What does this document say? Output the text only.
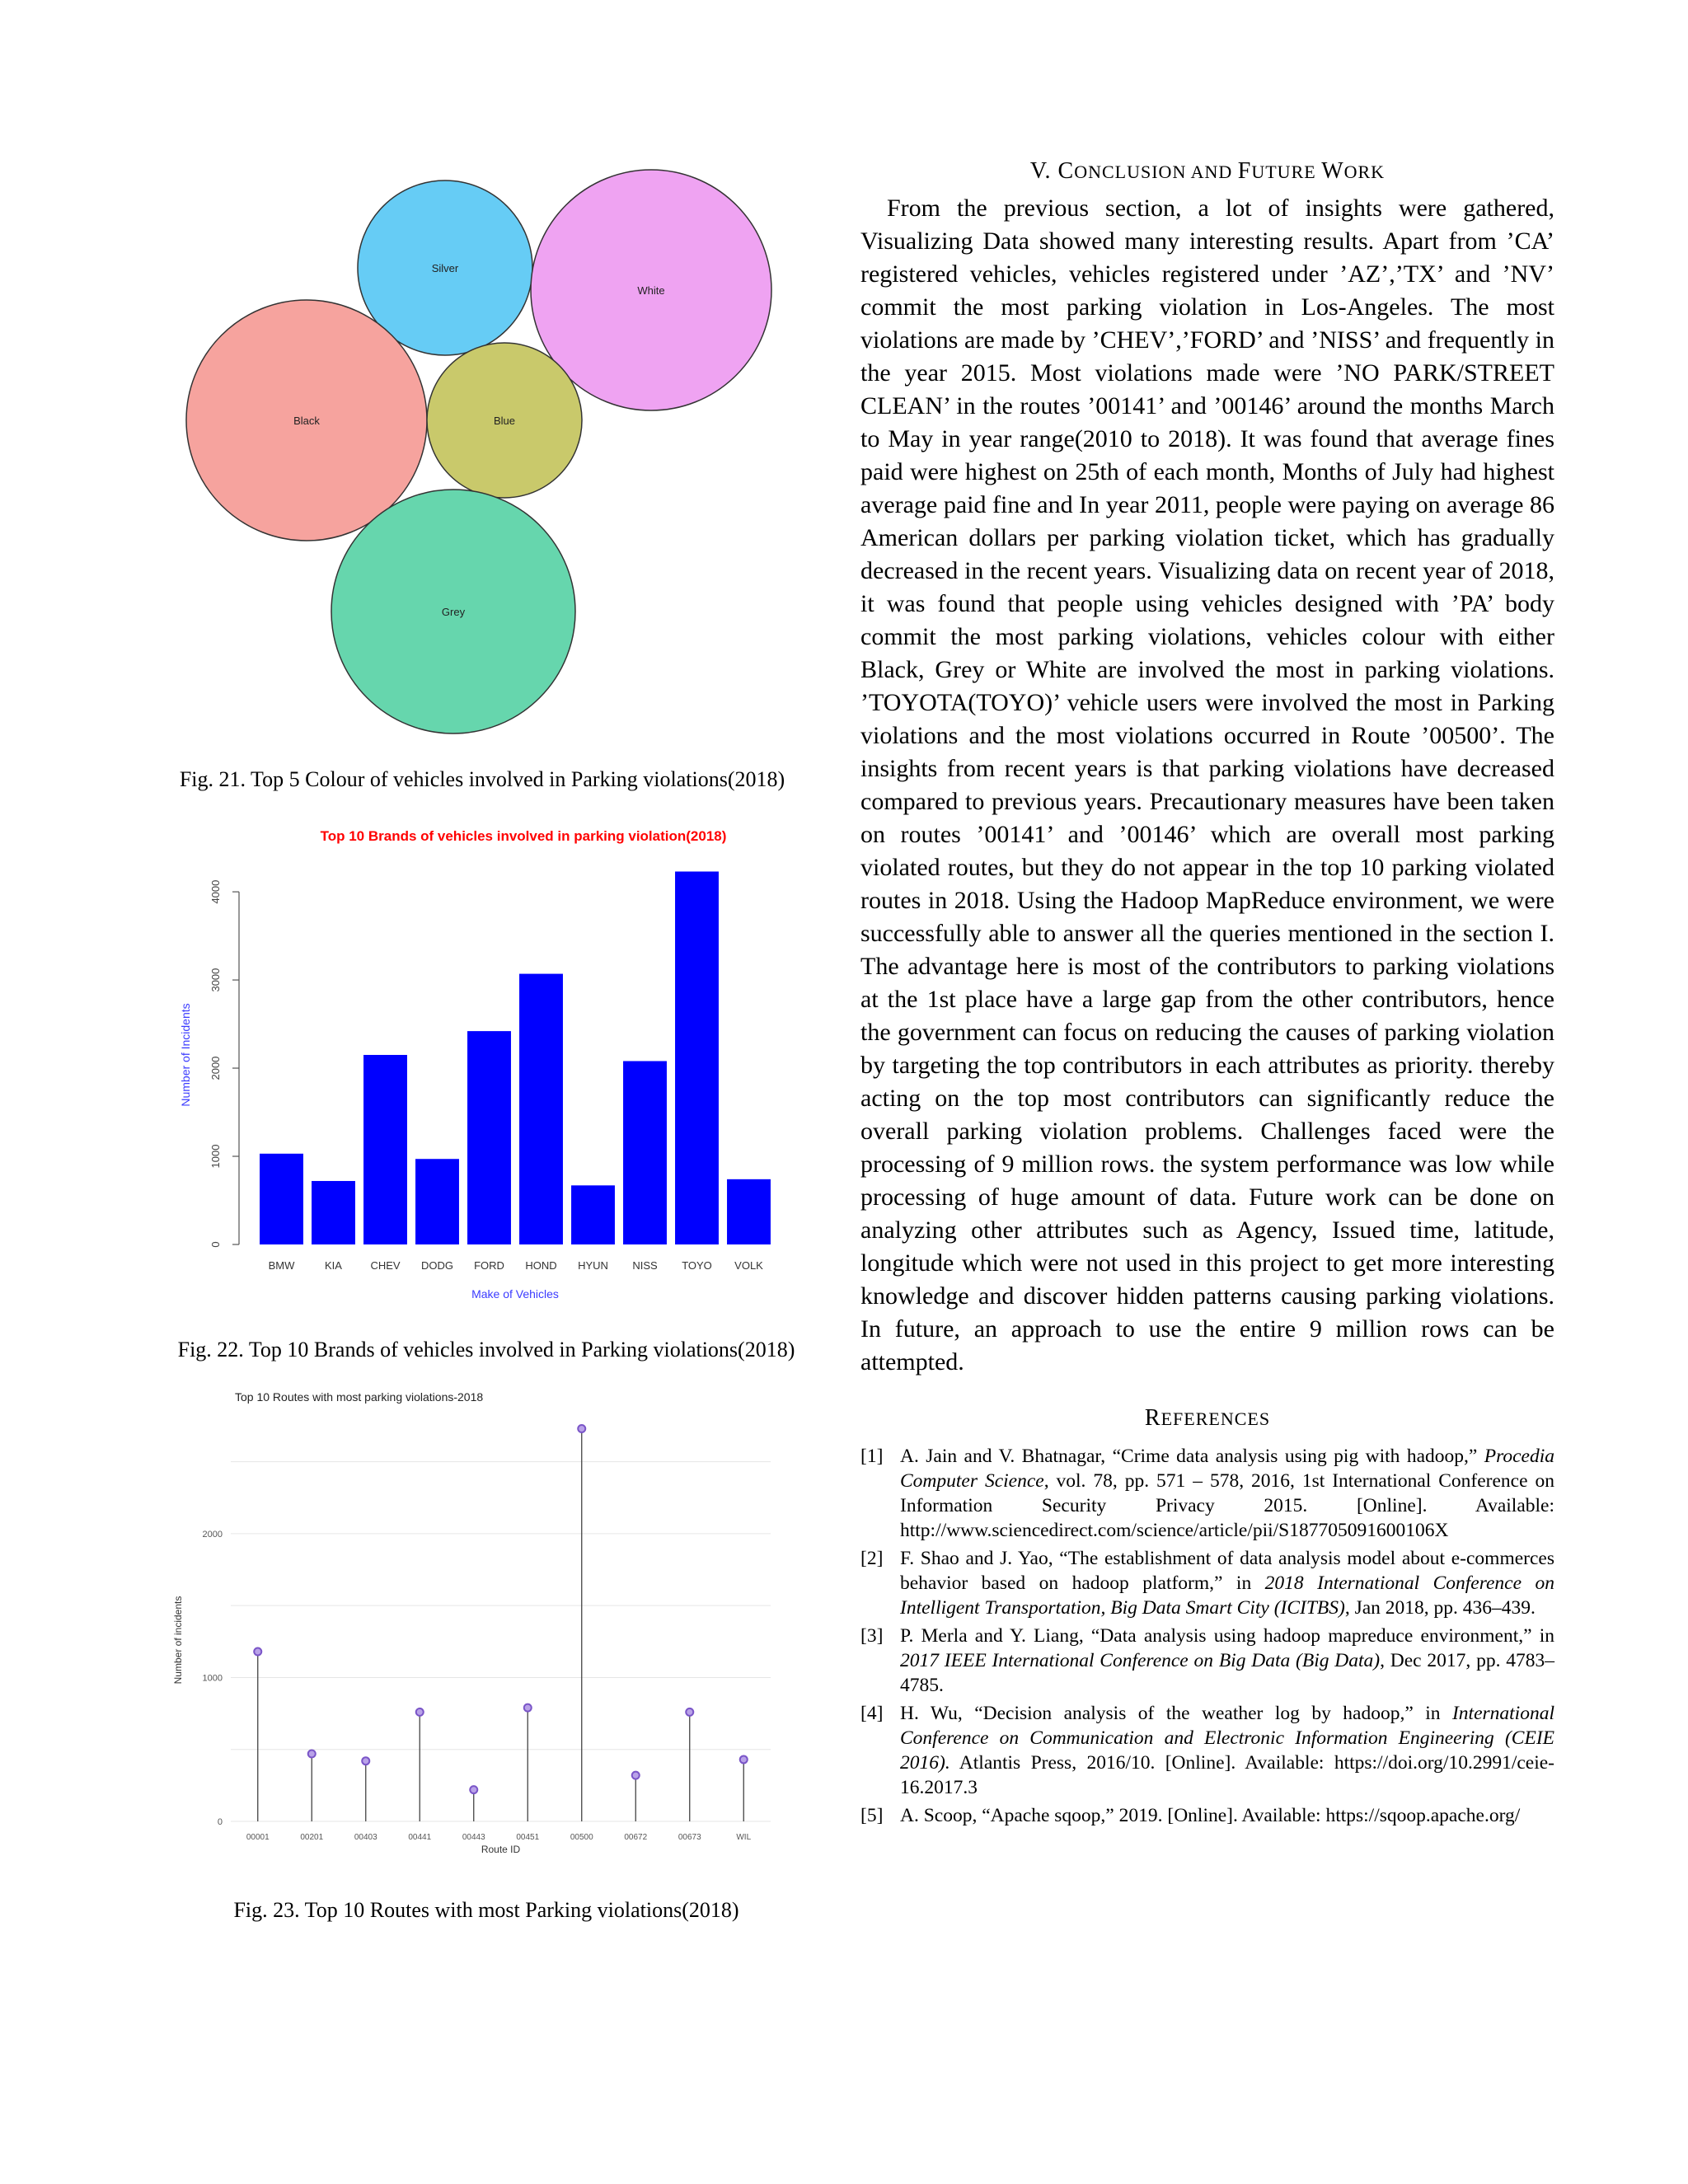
Silver
White
Black	Blue
Grey
Fig. 21. Top 5 Colour of vehicles involved in Parking violations(2018)
Top 10 Brands of vehicles involved in parking violation(2018)
0
1000
2000
3000
4000
Number of Incidents
BMW	KIA	CHEV DODG FORD HOND HYUN NISS TOYO VOLK
Make of Vehicles
Fig. 22. Top 10 Brands of vehicles involved in Parking violations(2018)
Top 10 Routes with most parking violations-2018
0
1000
2000
Number of incidents
00001	00201	00403	00441	00443	00451	00500	00672	00673	WIL
Route ID
Fig. 23. Top 10 Routes with most Parking violations(2018)
V. CONCLUSION AND FUTURE WORK

From the previous section, a lot of insights were gathered, Visualizing Data showed many interesting results. Apart from ’CA’ registered vehicles, vehicles registered under ’AZ’,’TX’ and ’NV’ commit the most parking violation in Los-Angeles. The most violations are made by ’CHEV’,’FORD’ and ’NISS’ and frequently in the year 2015. Most violations made were ’NO PARK/STREET CLEAN’ in the routes ’00141’ and ’00146’ around the months March to May in year range(2010 to 2018). It was found that average fines paid were highest on 25th of each month, Months of July had highest average paid fine and In year 2011, people were paying on average 86 American dollars per parking violation ticket, which has gradually decreased in the recent years. Visualizing data on recent year of 2018, it was found that people using vehicles designed with ’PA’ body commit the most parking violations, vehicles colour with either Black, Grey or White are involved the most in parking violations. ’TOYOTA(TOYO)’ vehicle users were involved the most in Parking violations and the most violations occurred in Route ’00500’. The insights from recent years is that parking violations have decreased compared to previous years. Precautionary measures have been taken on routes ’00141’ and ’00146’ which are overall most parking violated routes, but they do not appear in the top 10 parking violated routes in 2018. Using the Hadoop MapReduce environment, we were successfully able to answer all the queries mentioned in the section I. The advantage here is most of the contributors to parking violations at the 1st place have a large gap from the other contributors, hence the government can focus on reducing the causes of parking violation by targeting the top contributors in each attributes as priority. thereby acting on the top most contributors can significantly reduce the overall parking violation problems. Challenges faced were the processing of 9 million rows. the system performance was low while processing of huge amount of data. Future work can be done on analyzing other attributes such as Agency, Issued time, latitude, longitude which were not used in this project to get more interesting knowledge and discover hidden patterns causing parking violations. In future, an approach to use the entire 9 million rows can be attempted.

REFERENCES
[1] A. Jain and V. Bhatnagar, “Crime data analysis using pig with hadoop,” Procedia Computer Science, vol. 78, pp. 571 – 578, 2016, 1st International Conference on Information Security Privacy 2015. [Online]. Available: http://www.sciencedirect.com/science/article/pii/S187705091600106X
[2] F. Shao and J. Yao, “The establishment of data analysis model about e-commerces behavior based on hadoop platform,” in 2018 International Conference on Intelligent Transportation, Big Data Smart City (ICITBS), Jan 2018, pp. 436–439.
[3] P. Merla and Y. Liang, “Data analysis using hadoop mapreduce environment,” in 2017 IEEE International Conference on Big Data (Big Data), Dec 2017, pp. 4783–4785.
[4] H. Wu, “Decision analysis of the weather log by hadoop,” in International Conference on Communication and Electronic Information Engineering (CEIE 2016). Atlantis Press, 2016/10. [Online]. Available: https://doi.org/10.2991/ceie-16.2017.3
[5] A. Scoop, “Apache sqoop,” 2019. [Online]. Available: https://sqoop.apache.org/
